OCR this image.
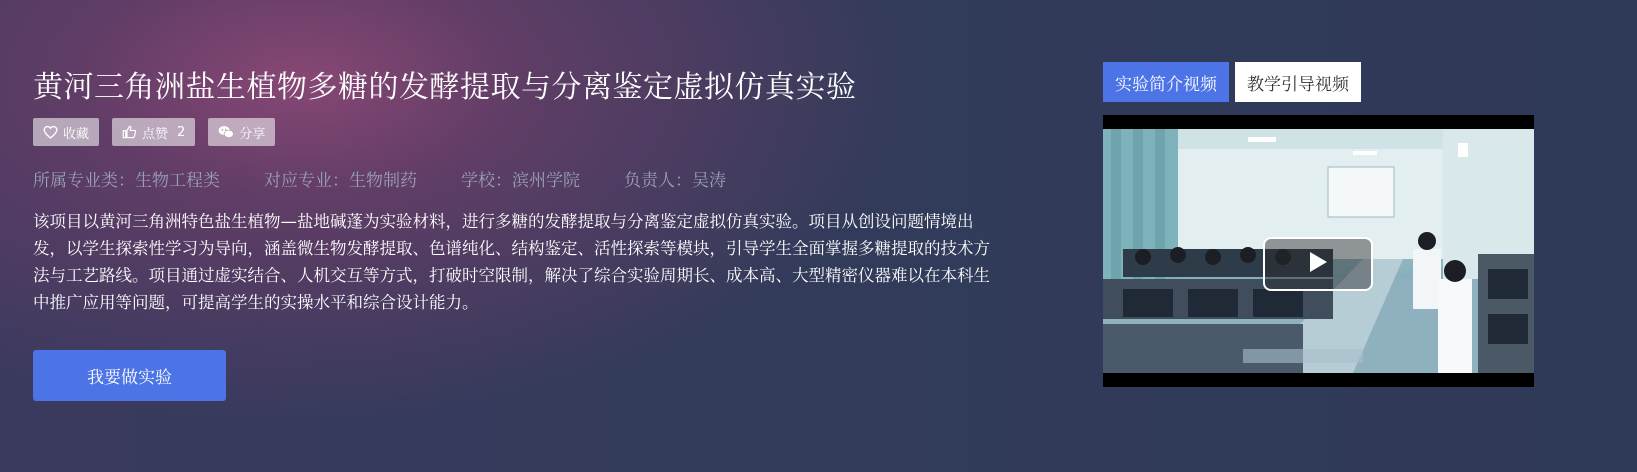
黄河三角洲盐生植物多糖的发酵提取与分离鉴定虚拟仿真实验
收藏	点赞 2	分享
所属专业类：生物工程类	对应专业：生物制药	学校：滨州学院	负责人：吴涛

该项目以黄河三角洲特色盐生植物—盐地碱蓬为实验材料，进行多糖的发酵提取与分离鉴定虚拟仿真实验。项目从创设问题情境出发，以学生探索性学习为导向，涵盖微生物发酵提取、色谱纯化、结构鉴定、活性探索等模块，引导学生全面掌握多糖提取的技术方法与工艺路线。项目通过虚实结合、人机交互等方式，打破时空限制，解决了综合实验周期长、成本高、大型精密仪器难以在本科生中推广应用等问题，可提高学生的实操水平和综合设计能力。

我要做实验
实验简介视频	教学引导视频
